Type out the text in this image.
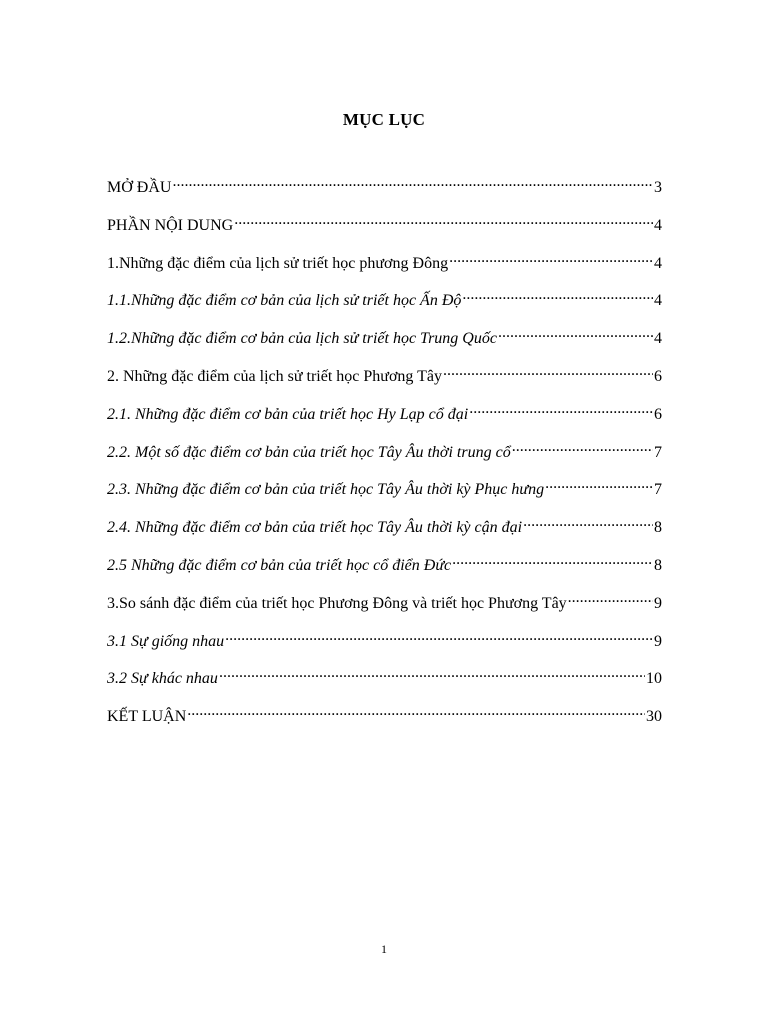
MỤC LỤC
MỞ ĐẦU .....	3
PHẦN NỘI DUNG .....	4
1.Những đặc điểm của lịch sử triết học phương Đông .....	4
1.1.Những đặc điểm cơ bản của lịch sử triết học Ấn Độ .....	4
1.2.Những đặc điểm cơ bản của lịch sử triết học Trung Quốc .....	4
2. Những đặc điểm của lịch sử triết học Phương Tây .....	6
2.1. Những đặc điểm cơ bản của triết học Hy Lạp cổ đại .....	6
2.2. Một số đặc điểm cơ bản của triết học Tây Âu thời trung cổ .....	7
2.3. Những đặc điểm cơ bản của triết học Tây Âu thời kỳ Phục hưng .....	7
2.4. Những đặc điểm cơ bản của triết học Tây Âu thời kỳ cận đại .....	8
2.5 Những đặc điểm cơ bản của triết học cổ điển Đức .....	8
3.So sánh đặc điểm của triết học Phương Đông và triết học Phương Tây .....	9
3.1 Sự giống nhau .....	9
3.2 Sự khác nhau .....	10
KẾT LUẬN .....	30
1
